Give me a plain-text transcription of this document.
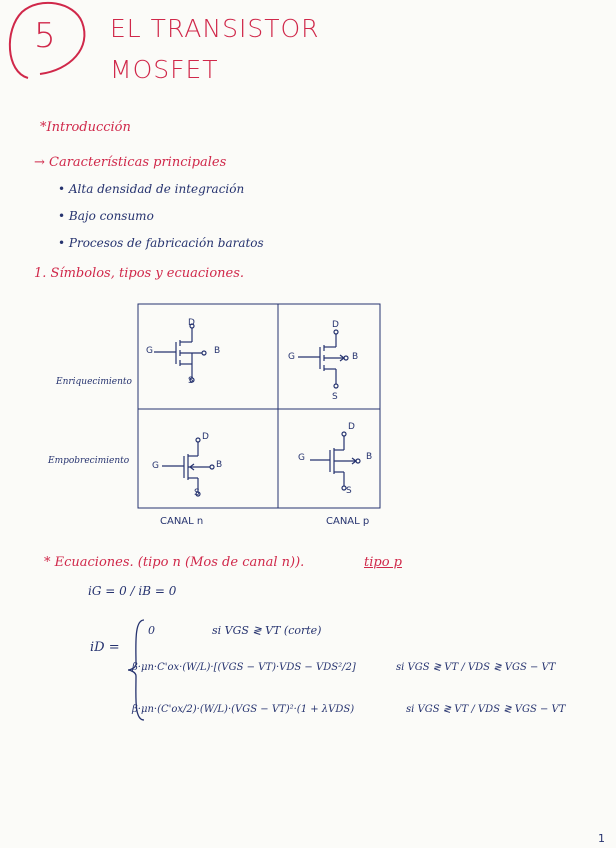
5 EL TRANSISTOR
MOSFET
*Introducción
→ Características principales
• Alta densidad de integración
• Bajo consumo
• Procesos de fabricación baratos
1. Símbolos, tipos y ecuaciones.
G
D
S
B
G
D
S
B
G
D
S
B
G
D
S
B
Enriquecimiento
Empobrecimiento
CANAL n	CANAL p
* Ecuaciones. (tipo n (Mos de canal n)).	tipo p
iG = 0 / iB = 0
iD =
0	si VGS ≷ VT (corte)
β·μn·C'ox·(W/L)·[(VGS − VT)·VDS − VDS²/2]	si VGS ≷ VT / VDS ≷ VGS − VT
β·μn·(C'ox/2)·(W/L)·(VGS − VT)²·(1 + λVDS)	si VGS ≷ VT / VDS ≷ VGS − VT
1
